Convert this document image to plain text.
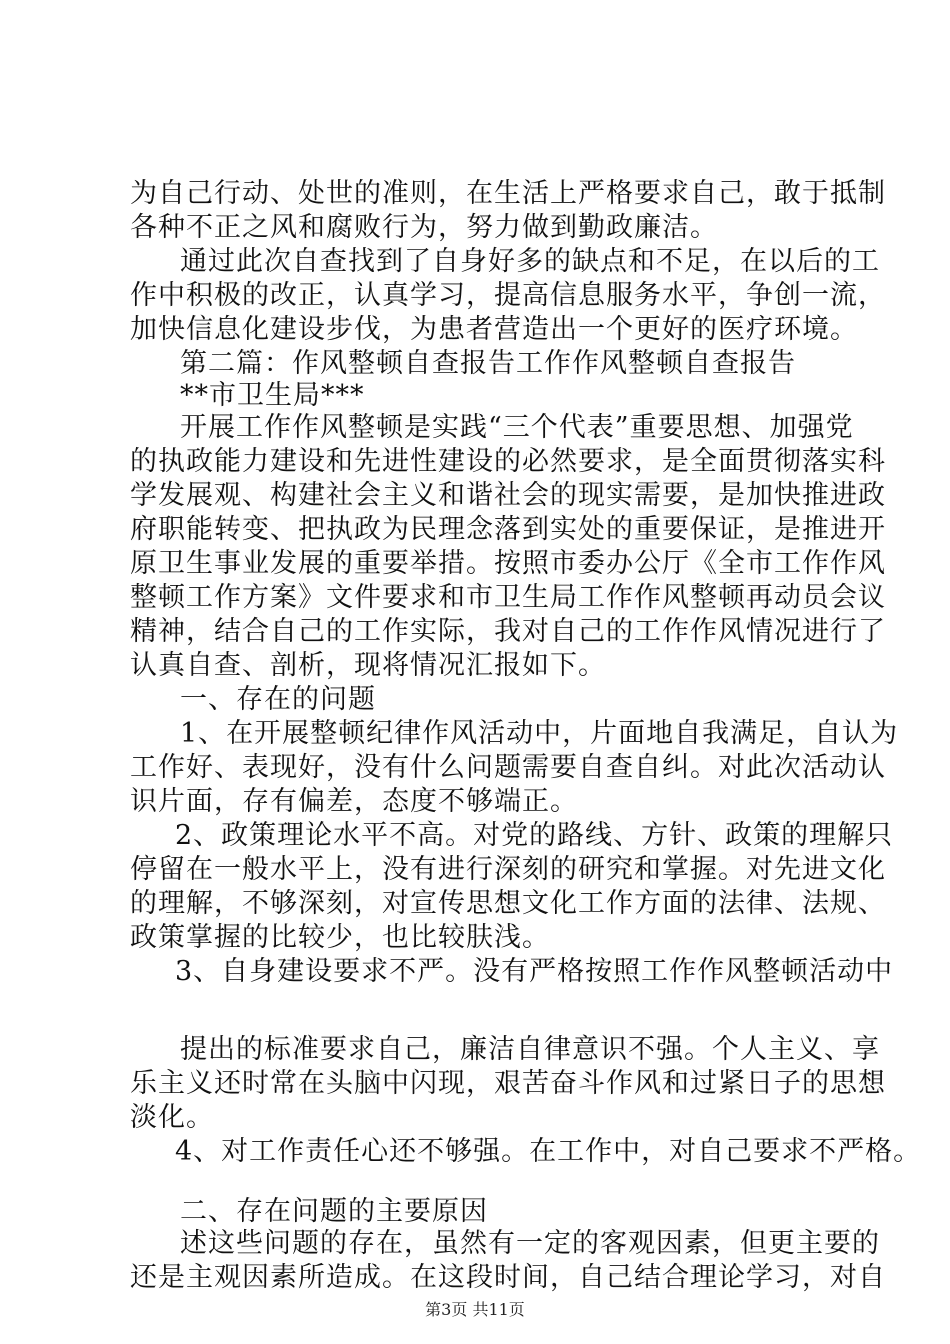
为自己行动、处世的准则，在生活上严格要求自己，敢于抵制
各种不正之风和腐败行为，努力做到勤政廉洁。
通过此次自查找到了自身好多的缺点和不足，在以后的工
作中积极的改正，认真学习，提高信息服务水平，争创一流，
加快信息化建设步伐，为患者营造出一个更好的医疗环境。
第二篇：作风整顿自查报告工作作风整顿自查报告
**市卫生局***
开展工作作风整顿是实践“三个代表”重要思想、加强党
的执政能力建设和先进性建设的必然要求，是全面贯彻落实科
学发展观、构建社会主义和谐社会的现实需要，是加快推进政
府职能转变、把执政为民理念落到实处的重要保证，是推进开
原卫生事业发展的重要举措。按照市委办公厅《全市工作作风
整顿工作方案》文件要求和市卫生局工作作风整顿再动员会议
精神，结合自己的工作实际，我对自己的工作作风情况进行了
认真自查、剖析，现将情况汇报如下。
一、存在的问题
1、在开展整顿纪律作风活动中，片面地自我满足，自认为
工作好、表现好，没有什么问题需要自查自纠。对此次活动认
识片面，存有偏差，态度不够端正。
2、政策理论水平不高。对党的路线、方针、政策的理解只
停留在一般水平上，没有进行深刻的研究和掌握。对先进文化
的理解，不够深刻，对宣传思想文化工作方面的法律、法规、
政策掌握的比较少，也比较肤浅。
3、自身建设要求不严。没有严格按照工作作风整顿活动中
提出的标准要求自己，廉洁自律意识不强。个人主义、享
乐主义还时常在头脑中闪现，艰苦奋斗作风和过紧日子的思想
淡化。
4、对工作责任心还不够强。在工作中，对自己要求不严格。
二、存在问题的主要原因
述这些问题的存在，虽然有一定的客观因素，但更主要的
还是主观因素所造成。在这段时间，自己结合理论学习，对自
第3页 共11页
